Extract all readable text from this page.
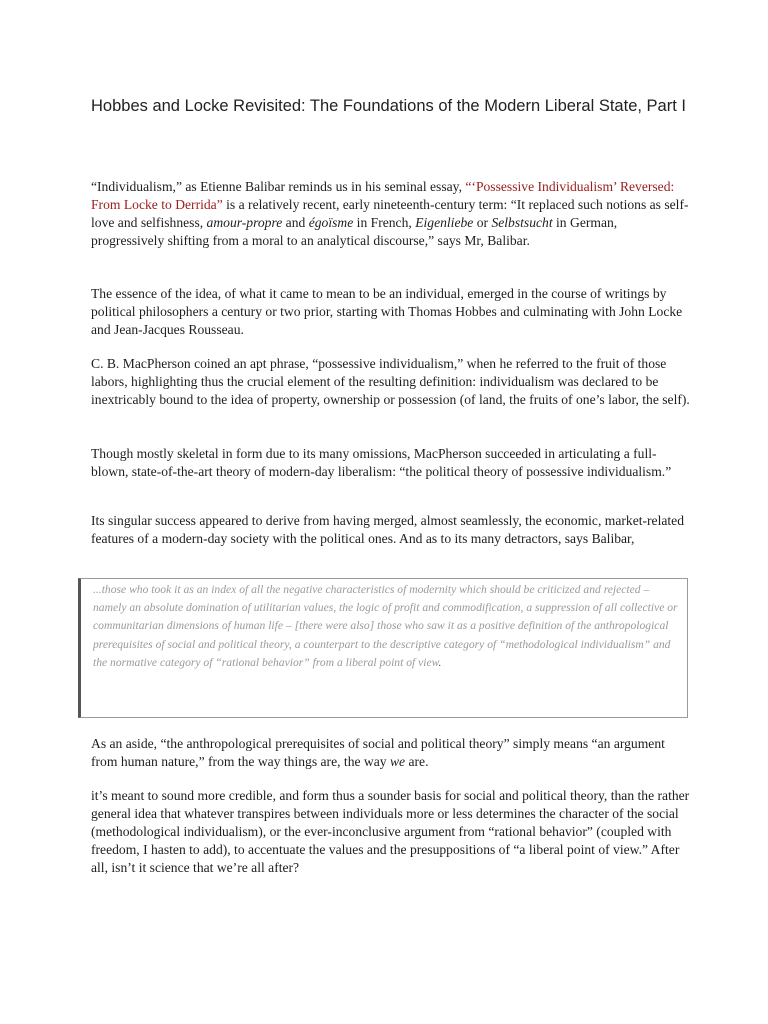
Hobbes and Locke Revisited: The Foundations of the Modern Liberal State, Part I

“Individualism,” as Etienne Balibar reminds us in his seminal essay, “‘Possessive Individualism’ Reversed: From Locke to Derrida” is a relatively recent, early nineteenth-century term: “It replaced such notions as self-love and selfishness, amour-propre and égoïsme in French, Eigenliebe or Selbstsucht in German, progressively shifting from a moral to an analytical discourse,” says Mr, Balibar.

The essence of the idea, of what it came to mean to be an individual, emerged in the course of writings by political philosophers a century or two prior, starting with Thomas Hobbes and culminating with John Locke and Jean-Jacques Rousseau.

C. B. MacPherson coined an apt phrase, “possessive individualism,” when he referred to the fruit of those labors, highlighting thus the crucial element of the resulting definition: individualism was declared to be inextricably bound to the idea of property, ownership or possession (of land, the fruits of one’s labor, the self).

Though mostly skeletal in form due to its many omissions, MacPherson succeeded in articulating a full-blown, state-of-the-art theory of modern-day liberalism: “the political theory of possessive individualism.”

Its singular success appeared to derive from having merged, almost seamlessly, the economic, market-related features of a modern-day society with the political ones. And as to its many detractors, says Balibar,

...those who took it as an index of all the negative characteristics of modernity which should be criticized and rejected – namely an absolute domination of utilitarian values, the logic of profit and commodification, a suppression of all collective or communitarian dimensions of human life – [there were also] those who saw it as a positive definition of the anthropological prerequisites of social and political theory, a counterpart to the descriptive category of “methodological individualism” and the normative category of “rational behavior” from a liberal point of view.

As an aside, “the anthropological prerequisites of social and political theory” simply means “an argument from human nature,” from the way things are, the way we are.

it’s meant to sound more credible, and form thus a sounder basis for social and political theory, than the rather general idea that whatever transpires between individuals more or less determines the character of the social (methodological individualism), or the ever-inconclusive argument from “rational behavior” (coupled with freedom, I hasten to add), to accentuate the values and the presuppositions of “a liberal point of view.” After all, isn’t it science that we’re all after?
